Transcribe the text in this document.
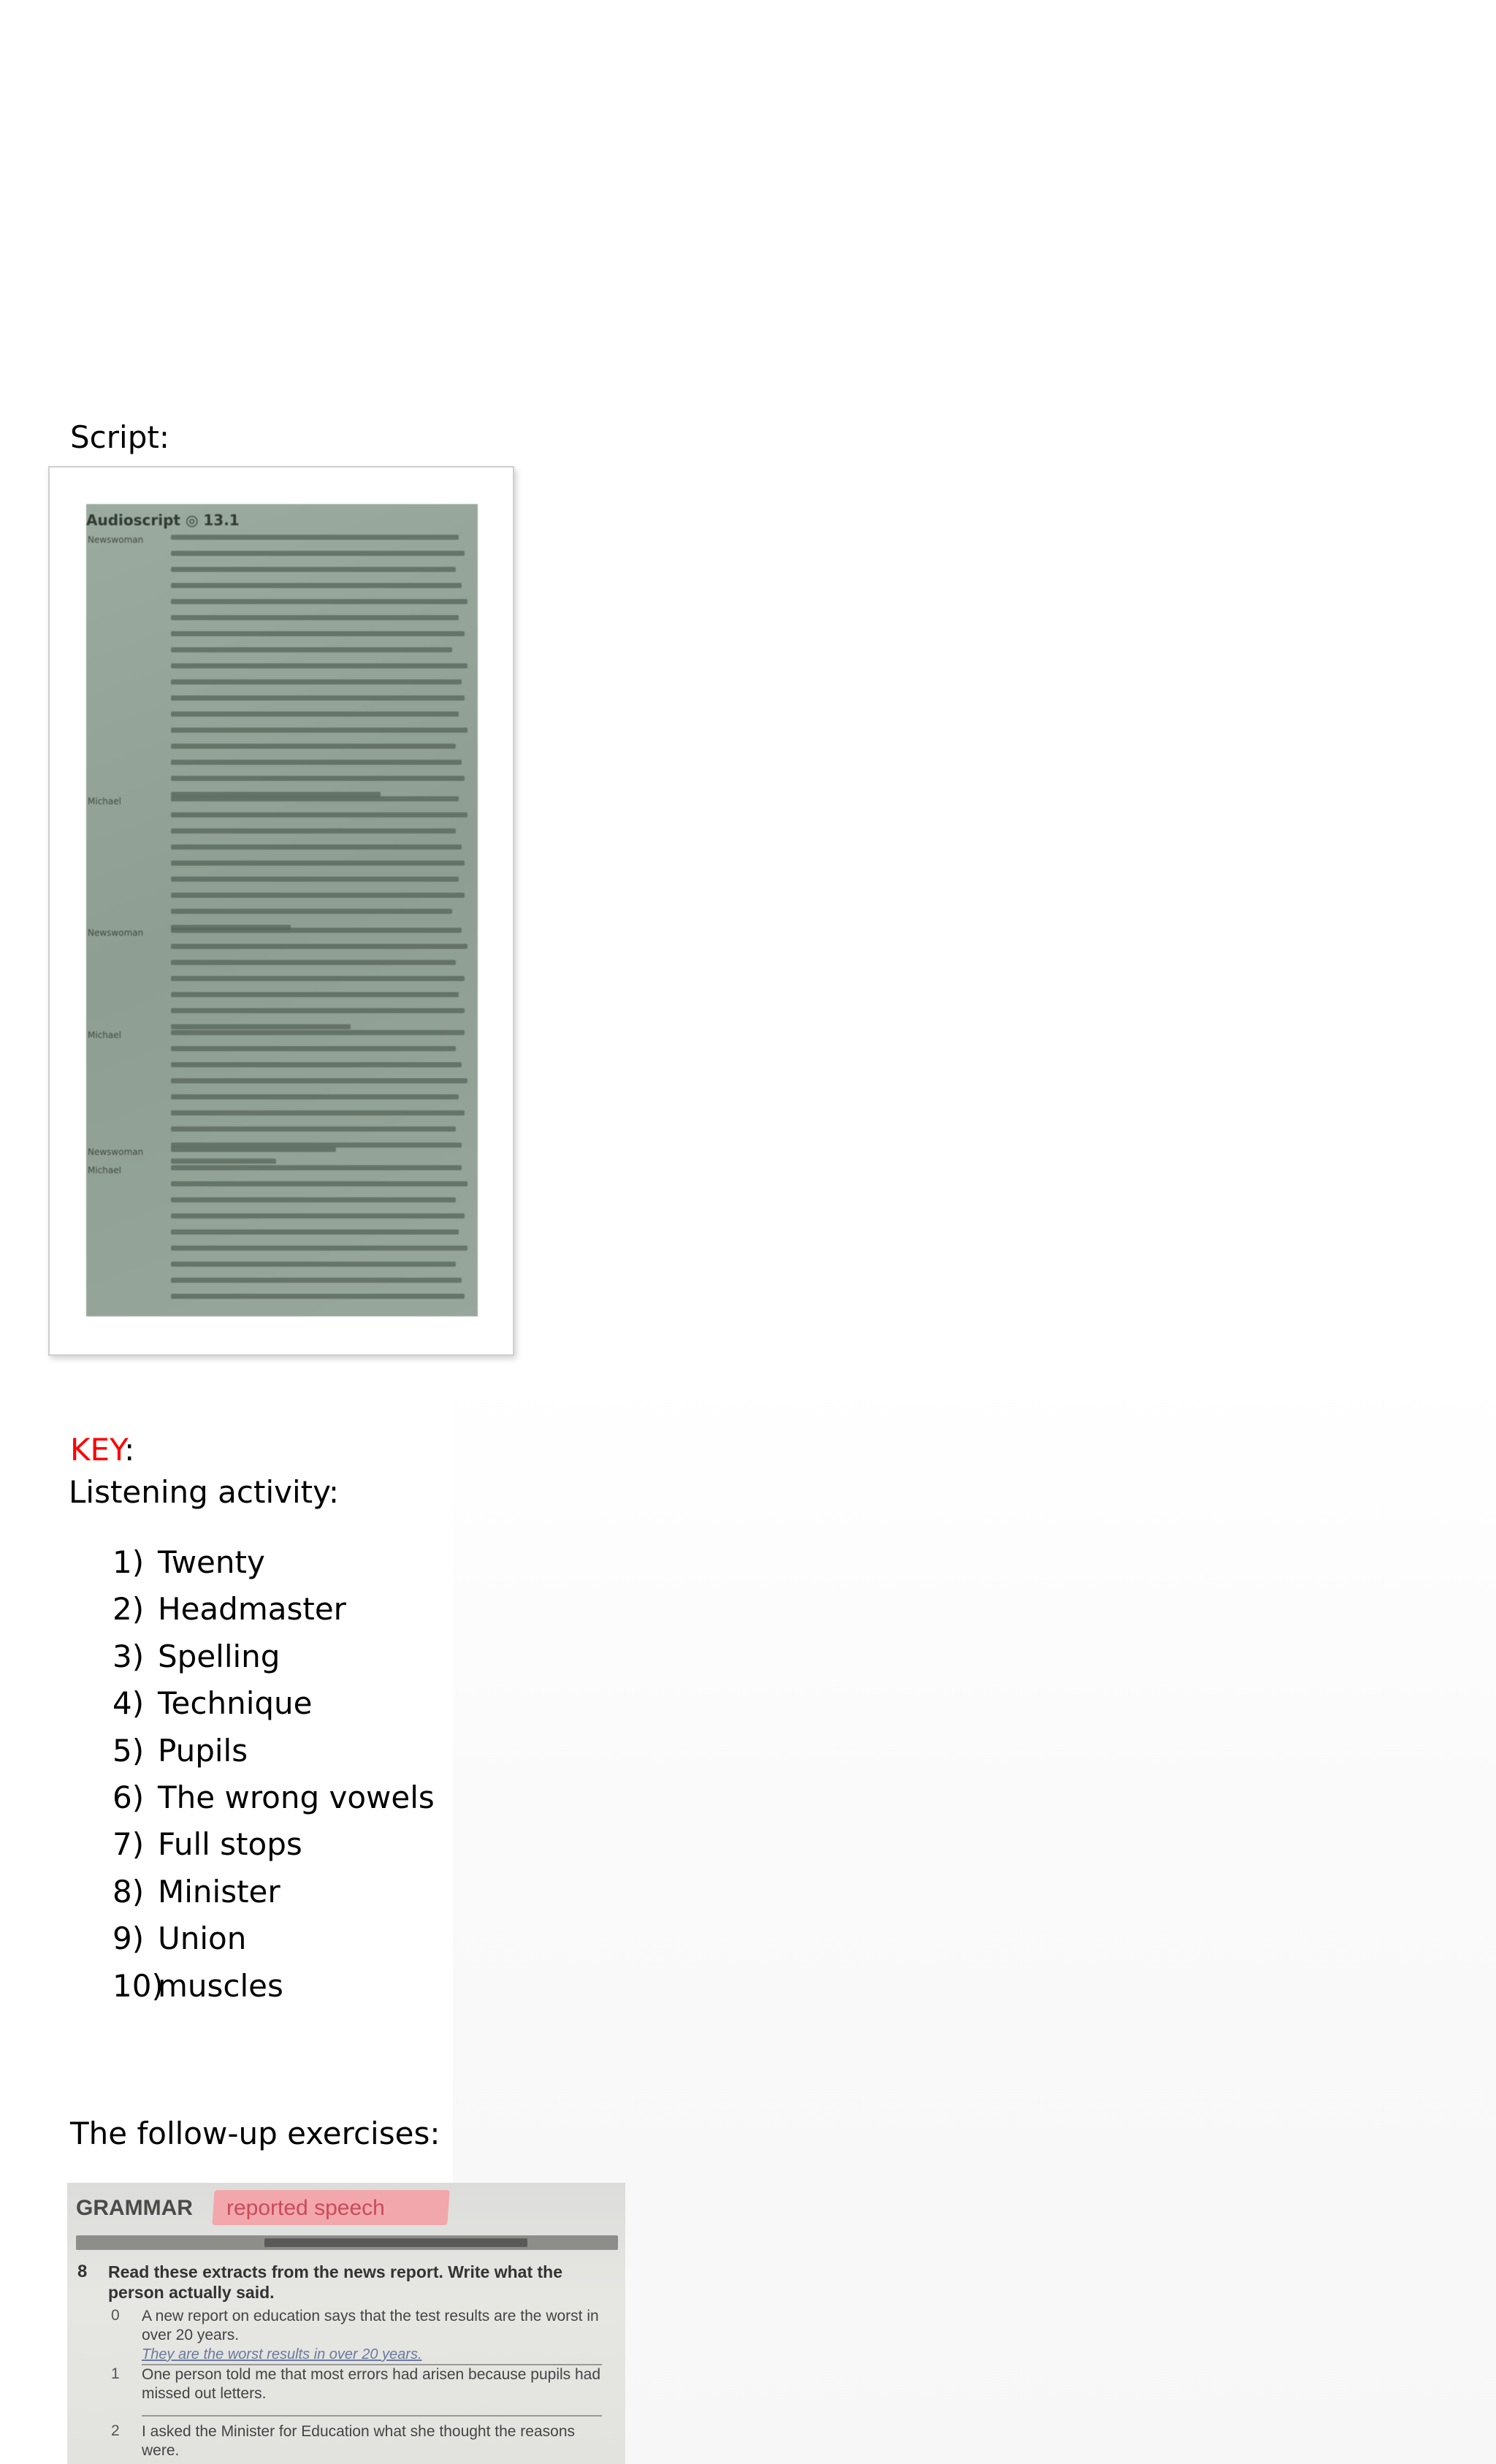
Script:
Audioscript ◎ 13.1
Newswoman
Michael
Newswoman
Michael
Newswoman
Michael
KEY:
Listening activity:
1) Twenty
2) Headmaster
3) Spelling
4) Technique
5) Pupils
6) The wrong vowels
7) Full stops
8) Minister
9) Union
10)muscles
The follow-up exercises:
GRAMMAR reported speech
8 Read these extracts from the news report. Write what the person actually said.
0 A new report on education says that the test results are the worst in over 20 years.
They are the worst results in over 20 years.
1 One person told me that most errors had arisen because pupils had missed out letters.
2 I asked the Minister for Education what she thought the reasons were.
